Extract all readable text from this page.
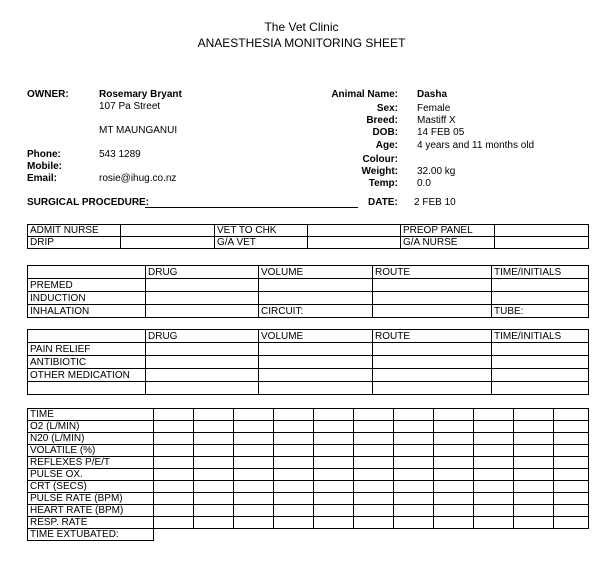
The Vet Clinic
ANAESTHESIA MONITORING SHEET
OWNER:	Rosemary Bryant
107 Pa Street
MT MAUNGANUI
Phone:	543 1289
Mobile:
Email:	rosie@ihug.co.nz
Animal Name: Dasha
Sex: Female
Breed: Mastiff X
DOB: 14 FEB 05
Age: 4 years and 11 months old
Colour:
Weight: 32.00 kg
Temp: 0.0
SURGICAL PROCEDURE:	DATE: 2 FEB 10
ADMIT NURSE		VET TO CHK		PREOP PANEL	
DRIP		G/A VET		G/A NURSE	
	DRUG	VOLUME	ROUTE	TIME/INITIALS
PREMED				
INDUCTION				
INHALATION		CIRCUIT:		TUBE:
	DRUG	VOLUME	ROUTE	TIME/INITIALS
PAIN RELIEF				
ANTIBIOTIC				
OTHER MEDICATION				

TIME											
O2 (L/MIN)											
N20 (L/MIN)											
VOLATILE (%)											
REFLEXES P/E/T											
PULSE OX.											
CRT (SECS)											
PULSE RATE (BPM)											
HEART RATE (BPM)											
RESP. RATE											
TIME EXTUBATED:											
